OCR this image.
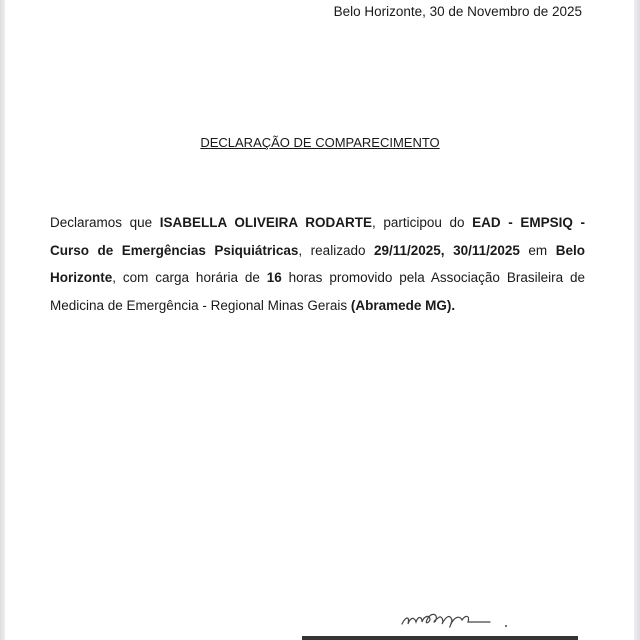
Belo Horizonte, 30 de Novembro de 2025
DECLARAÇÃO DE COMPARECIMENTO
Declaramos que ISABELLA OLIVEIRA RODARTE, participou do EAD - EMPSIQ - Curso de Emergências Psiquiátricas, realizado 29/11/2025, 30/11/2025 em Belo Horizonte, com carga horária de 16 horas promovido pela Associação Brasileira de Medicina de Emergência - Regional Minas Gerais (Abramede MG).
